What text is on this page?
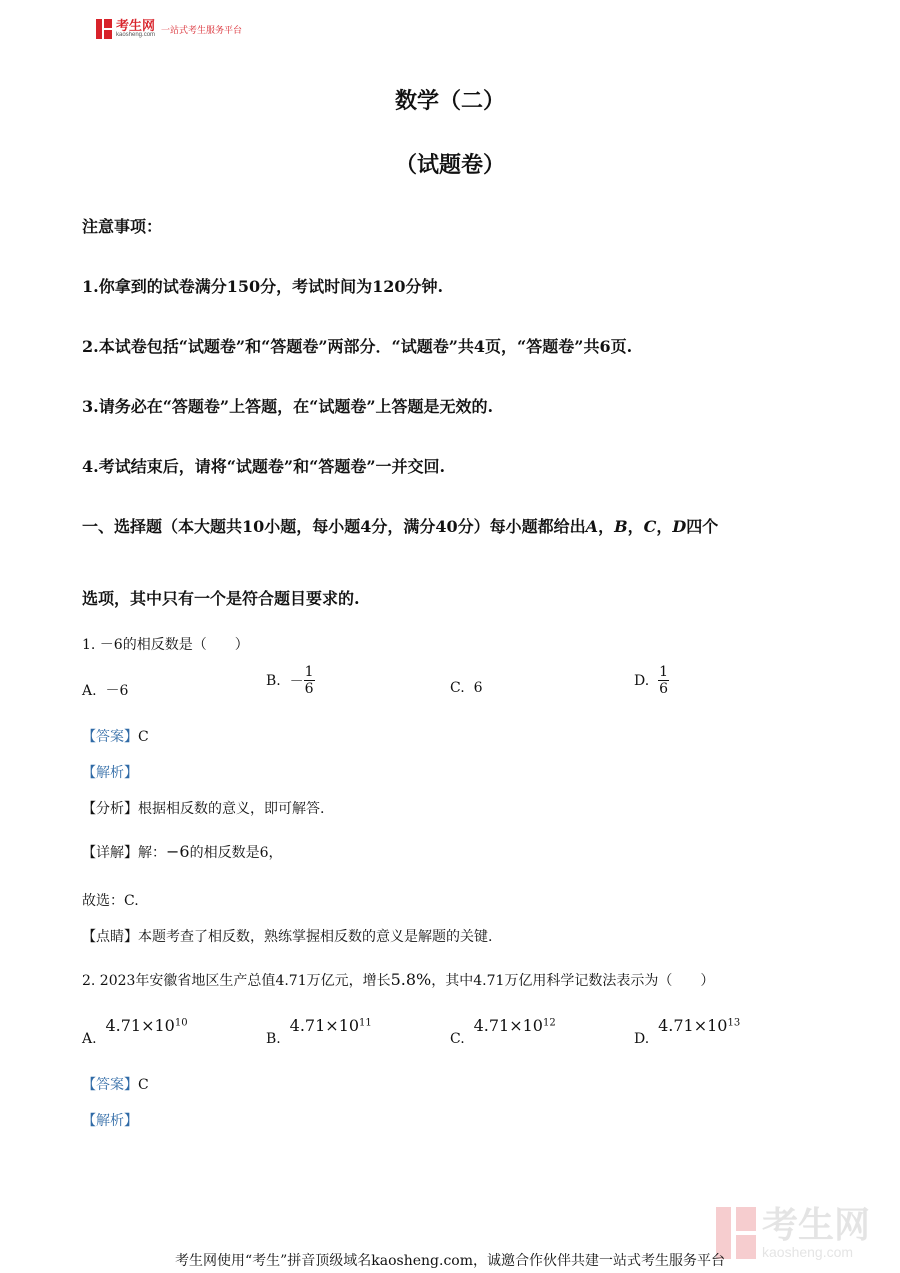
考生网
kaosheng.com 一站式考生服务平台
数学（二）
（试题卷）
注意事项：
1.你拿到的试卷满分150分，考试时间为120分钟.
2.本试卷包括“试题卷”和“答题卷”两部分．“试题卷”共4页，“答题卷”共6页.
3.请务必在“答题卷”上答题，在“试题卷”上答题是无效的.
4.考试结束后，请将“试题卷”和“答题卷”一并交回.
一、选择题（本大题共10小题，每小题4分，满分40分）每小题都给出A，B，C，D四个
选项，其中只有一个是符合题目要求的.
1. －6的相反数是（　　）
A. －6
B.
－ $\frac{1}{6}$	C. 6	D.
$\frac{1}{6}$
【答案】C
【解析】
【分析】根据相反数的意义，即可解答.
【详解】解：−6的相反数是6，
故选：C.
【点睛】本题考查了相反数，熟练掌握相反数的意义是解题的关键.
2. 2023年安徽省地区生产总值4.71万亿元，增长5.8%，其中4.71万亿用科学记数法表示为（　　）
A.  $4.71\times 10^{10}$
B.  $4.71\times 10^{11}$
C.  $4.71\times 10^{12}$
D.  $4.71\times 10^{13}$
【答案】C
【解析】
考生网
kaosheng.com
考生网使用“考生”拼音顶级域名kaosheng.com，诚邀合作伙伴共建一站式考生服务平台
